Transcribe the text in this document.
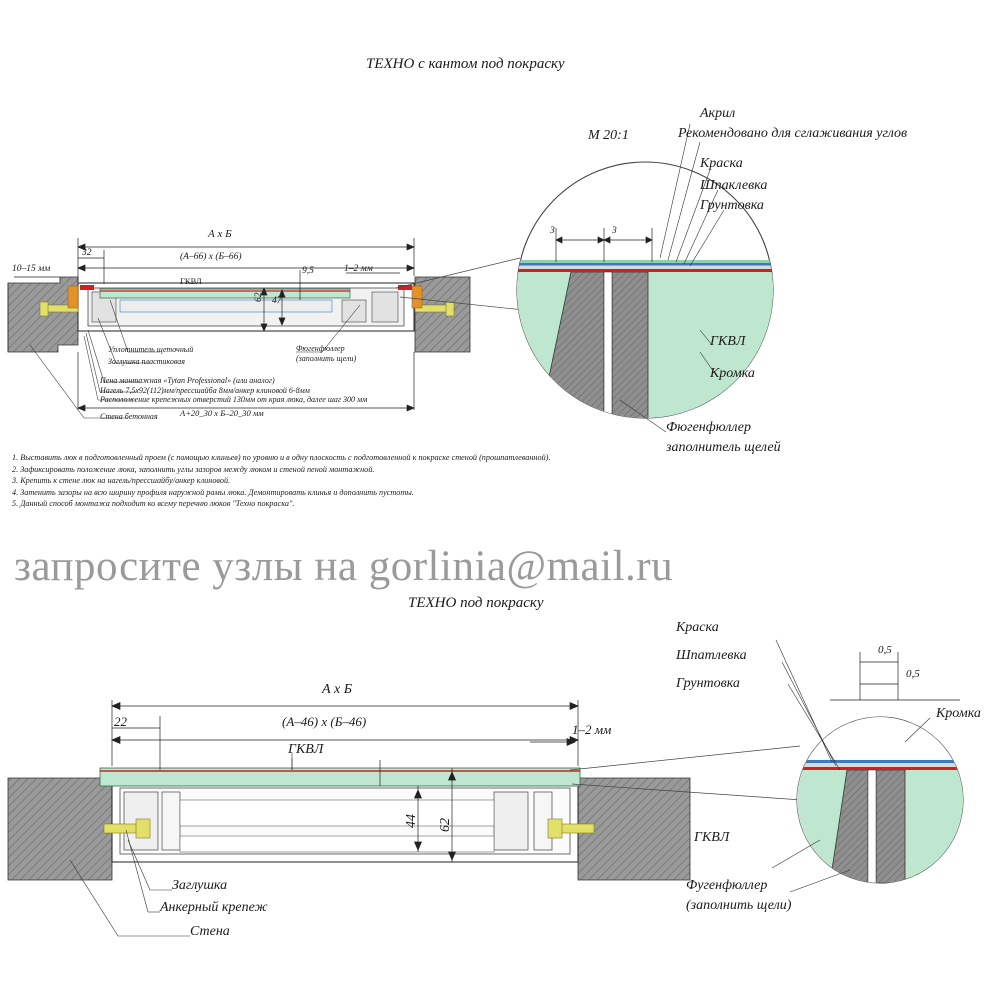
ТЕХНО с кантом под покраску
М 20:1
Акрил
Рекомендовано для сглаживания углов
Краска
Шпаклевка
Грунтовка
ГКВЛ
Кромка
Фюгенфюллер
заполнитель щелей
А х Б
(А–66) х (Б–66)
32
10–15 мм	1–2 мм
9,5
47
62
ГКВЛ
А+20_30 х Б–20_30 мм
3	3
Уплотнитель щеточный
Заглушка пластиковая
Пена монтажная «Tytan Professional» (или аналог)
Нагель 7,5х92(112)мм/прессшайба 8мм/анкер клиновой 6-8мм
Расположение крепежных отверстий 130мм от края люка, далее шаг 300 мм
Стена бетонная
Фюгенфюллер
(заполнить щели)
1. Выставить люк в подготовленный проем (с помощью клиньев) по уровню и в одну плоскость с подготовленной к покраске стеной (прошпатлеванной).
2. Зафиксировать положение люка, заполнить углы зазоров между люком и стеной пеной монтажной.
3. Крепить к стене люк на нагель/прессшайбу/анкер клиновой.
4. Затенить зазоры на всю ширину профиля наружной рамы люка. Демонтировать клинья и дополнить пустоты.
5. Данный способ монтажа подходит ко всему перечню люков "Техно покраска".
запросите узлы на gorlinia@mail.ru
ТЕХНО под покраску
Краска
Шпатлевка
Грунтовка
Кромка
ГКВЛ
Фугенфюллер
(заполнить щели)
0,5
0,5
А х Б
(А–46) х (Б–46)
22
1–2 мм
ГКВЛ
44 62
Заглушка
Анкерный крепеж
Стена
